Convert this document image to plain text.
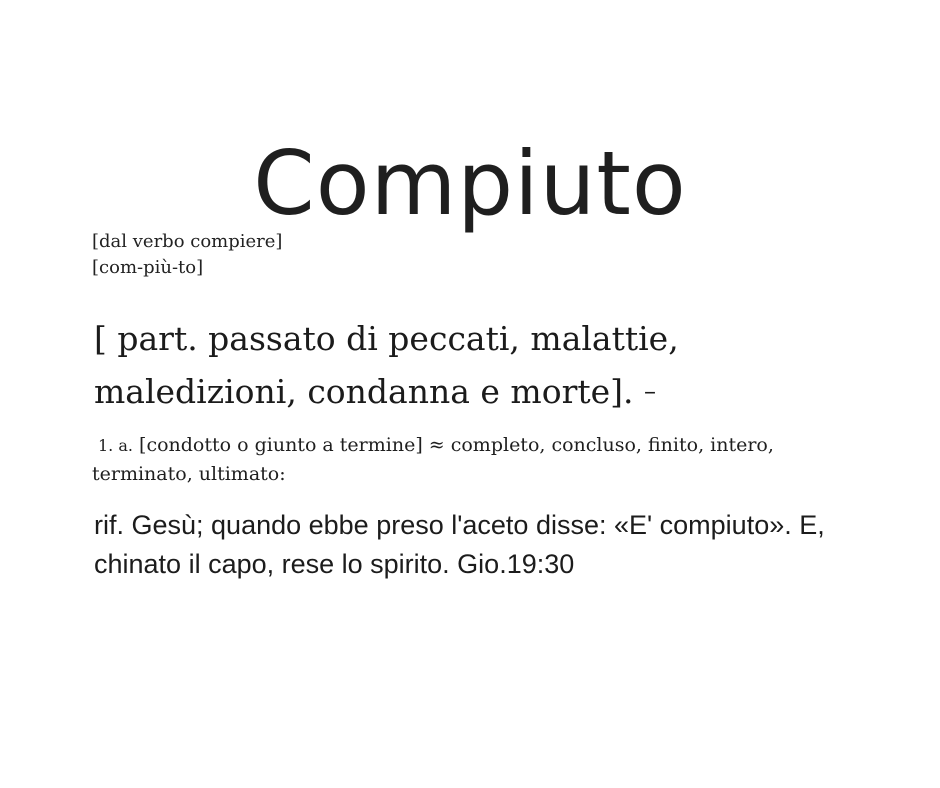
Compiuto
[dal verbo compiere]
[com-più-to]
[ part. passato di peccati, malattie, maledizioni, condanna e morte]. –
1. a. [condotto o giunto a termine] ≈ completo, concluso, finito, intero, terminato, ultimato:
rif. Gesù; quando ebbe preso l'aceto disse: «E' compiuto». E, chinato il capo, rese lo spirito. Gio.19:30
